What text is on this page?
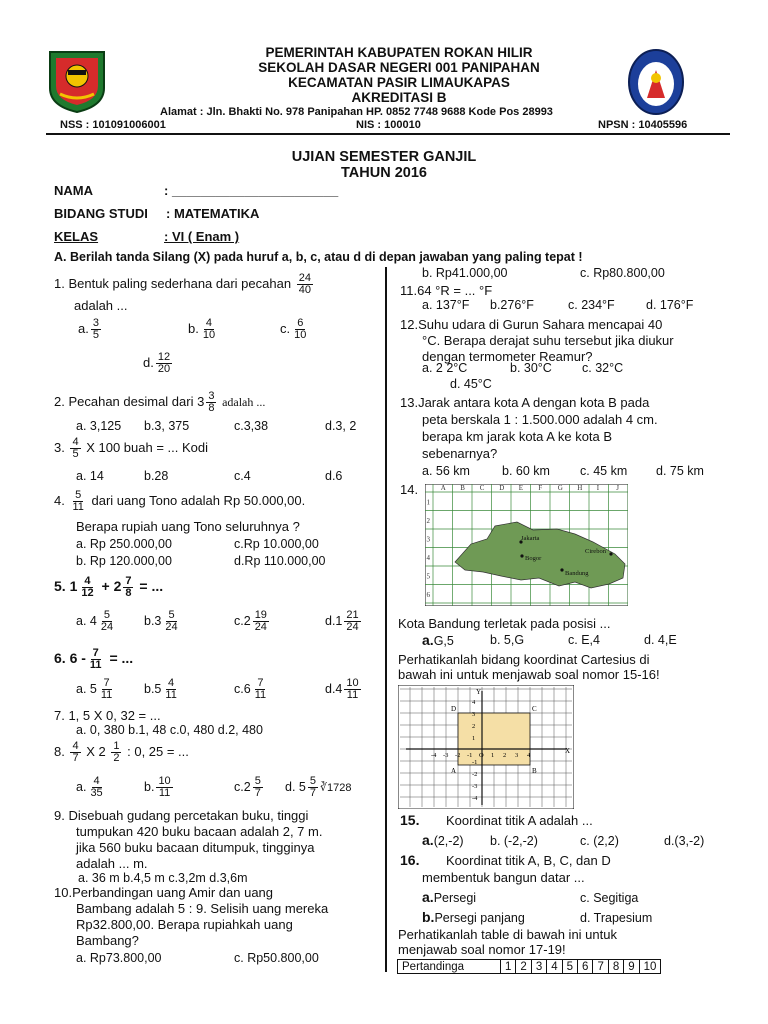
PEMERINTAH KABUPATEN ROKAN HILIR
SEKOLAH DASAR NEGERI 001 PANIPAHAN
KECAMATAN PASIR LIMAUKAPAS
AKREDITASI B
Alamat : Jln. Bhakti No. 978 Panipahan HP. 0852 7748 9688 Kode Pos 28993
NSS : 101091006001	NIS : 100010	NPSN : 10405596
UJIAN SEMESTER GANJIL
TAHUN 2016
NAMA	: _______________________
BIDANG STUDI : MATEMATIKA
KELAS	: VI ( Enam )
A. Berilah tanda Silang (X) pada huruf a, b, c, atau d di depan jawaban yang paling tepat !
1. Bentuk paling sederhana dari pecahan $\frac{24}{40}$
adalah ...
a. $\frac{3}{5}$	b. $\frac{4}{10}$	c. $\frac{6}{10}$
d. $\frac{12}{20}$
2. Pecahan desimal dari $3 \frac{3}{8}$ adalah ...
a. 3,125 b.3, 375	c.3,38	d.3, 2
3. $\frac{4}{5}$ X 100 buah = ... Kodi
a. 14	b.28	c.4	d.6
4. $\frac{5}{11}$ dari uang Tono adalah Rp 50.000,00.
Berapa rupiah uang Tono seluruhnya ?
a. Rp 250.000,00	c.Rp 10.000,00
b. Rp 120.000,00	d.Rp 110.000,00
5. $1 \frac{4}{12} + 2 \frac{7}{8}$ = ...
a. $4 \frac{5}{24} b.3 \frac{5}{24}$	$c.2 \frac{19}{24}$	$d.1 \frac{21}{24}$
6. $6 - \frac{7}{11}$ = ...
a. $5 \frac{7}{11} b.5 \frac{4}{11}$	$c.6 \frac{7}{11}$	$d.4 \frac{10}{11}$
7. 1, 5 X 0, 32 = ...
a. 0, 380 b.1, 48 c.0, 480 d.2, 480
8. $\frac{4}{7}$ X $2 \frac{1}{2}$ : 0, 25 = ...
a. $\frac{4}{35}$	b. $\frac{10}{11}$	$c.2 \frac{5}{7} d$. $5 \frac{5}{7}$ ∛1728
9. Disebuah gudang percetakan buku, tinggi
tumpukan 420 buku bacaan adalah 2, 7 m.
jika 560 buku bacaan ditumpuk, tingginya
adalah ... m.
a. 36 m b.4,5 m c.3,2m d.3,6m
10.Perbandingan uang Amir dan uang
Bambang adalah 5 : 9. Selisih uang mereka
Rp32.800,00. Berapa rupiahkah uang
Bambang?
a. Rp73.800,00	c. Rp50.800,00
b. Rp41.000,00	c. Rp80.800,00
11.64 °R = ... °F
a. 137°F b.276°F	c. 234°F	d. 176°F
12.Suhu udara di Gurun Sahara mencapai 40
°C. Berapa derajat suhu tersebut jika diukur
dengan termometer Reamur?
a. 2 2°C	b. 30°C c. 32°C
d. 45°C
13.Jarak antara kota A dengan kota B pada
peta berskala 1 : 1.500.000 adalah 4 cm.
berapa km jarak kota A ke kota B
sebenarnya?
a. 56 km	b. 60 km c. 45 km d. 75 km
14.	A B C D E F G H I J
1
2
3
4
5
6
Jakarta
Bogor
Cirebon
Bandung
Kota Bandung terletak pada posisi ...
a.G,5	b. 5,G	c. E,4	d. 4,E
Perhatikanlah bidang koordinat Cartesius di
bawah ini untuk menjawab soal nomor 15-16!
X
Y
-4 -3 -2 -1 O 1 2 3 4
4
3
2
1
-1
-2
-3
-4
A	B
C
D
15. Koordinat titik A adalah ...
a.(2,-2) b. (-2,-2)	c. (2,2)	d.(3,-2)
16. Koordinat titik A, B, C, dan D
membentuk bangun datar ...
a.Persegi	c. Segitiga
b.Persegi panjang	d. Trapesium
Perhatikanlah table di bawah ini untuk
menjawab soal nomor 17-19!
Pertandinga	1	2	3	4	5	6	7	8	9	10
